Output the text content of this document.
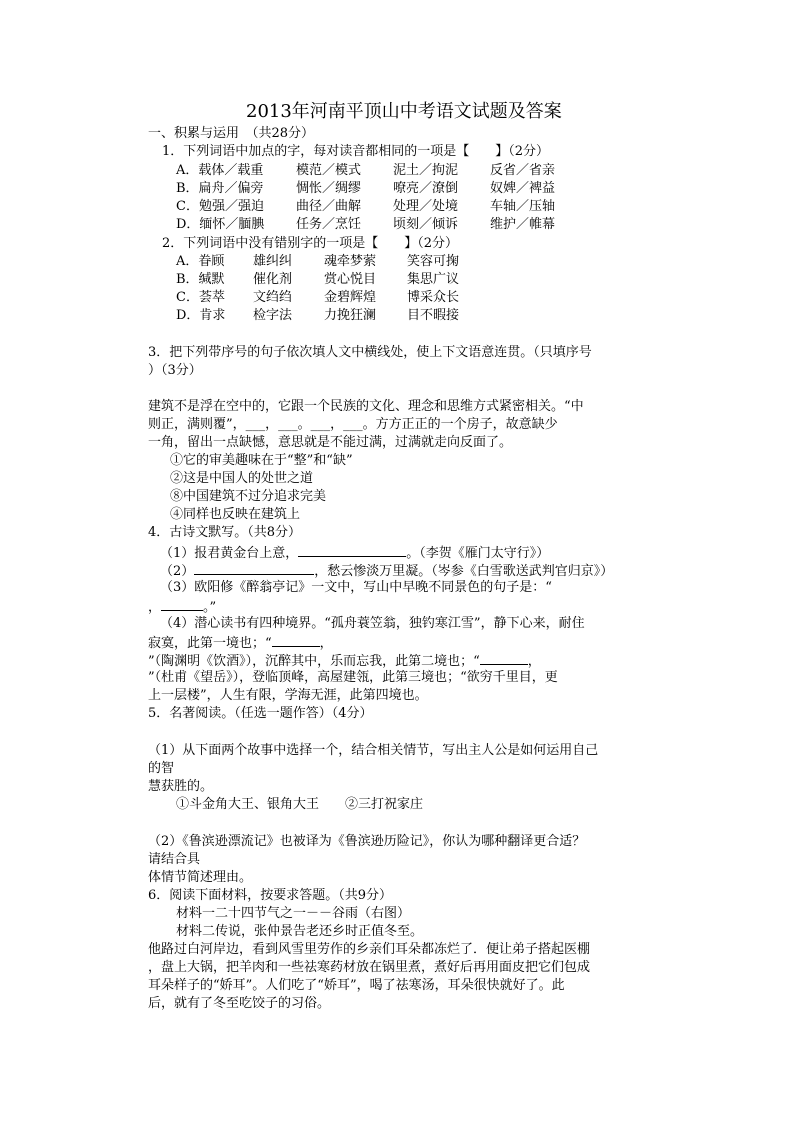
2013年河南平顶山中考语文试题及答案
一、积累与运用　（共28分）
1．下列词语中加点的字，每对读音都相同的一项是【　　】（2分）
A．载体／载重	模范／模式 泥土／拘泥 反省／省亲
B．扁舟／偏旁 惆怅／绸缪 嘹亮／潦倒 奴婢／裨益
C．勉强／强迫 曲径／曲解 处理／处境 车轴／压轴
D．缅怀／腼腆 任务／烹饪 顷刻／倾诉 维护／帷幕
2．下列词语中没有错别字的一项是【　　】（2分）
A．眷顾 雄纠纠 魂牵梦萦 笑容可掬
B．缄默 催化剂 赏心悦目 集思广议
C．荟萃 文绉绉 金碧辉煌 博采众长
D．肯求 检字法 力挽狂澜 目不暇接
3．把下列带序号的句子依次填人文中横线处，使上下文语意连贯。（只填序号
）（3分）
建筑不是浮在空中的，它跟一个民族的文化、理念和思维方式紧密相关。“中
则正，满则覆”，___，___。___，___。方方正正的一个房子，故意缺少
一角，留出一点缺憾，意思就是不能过满，过满就走向反面了。
①它的审美趣味在于“整”和“缺”
②这是中国人的处世之道
⑧中国建筑不过分追求完美
④同样也反映在建筑上
4．古诗文默写。（共8分）
（1）报君黄金台上意，	。（李贺《雁门太守行》）
（2）	，愁云惨淡万里凝。（岑参《白雪歌送武判官归京》）
（3）欧阳修《醉翁亭记》一文中，写山中早晚不同景色的句子是：“
，	。”
（4）潜心读书有四种境界。“孤舟蓑笠翁，独钓寒江雪”，静下心来，耐住
寂寞，此第一境也；“	，
”（陶渊明《饮酒》），沉醉其中，乐而忘我，此第二境也；“	，
”（杜甫《望岳》），登临顶峰，高屋建瓴，此第三境也；“欲穷千里目，更
上一层楼”，人生有限，学海无涯，此第四境也。
5．名著阅读。（任选一题作答）（4分）
（1）从下面两个故事中选择一个，结合相关情节，写出主人公是如何运用自己
的智
慧获胜的。
①斗金角大王、银角大王　　②三打祝家庄
（2）《鲁滨逊漂流记》也被译为《鲁滨逊历险记》，你认为哪种翻译更合适？
请结合具
体情节简述理由。
6．阅读下面材料，按要求答题。（共9分）
材料一二十四节气之一－－谷雨（右图）
材料二传说，张仲景告老还乡时正值冬至。
他路过白河岸边，看到风雪里劳作的乡亲们耳朵都冻烂了．便让弟子搭起医棚
，盘上大锅，把羊肉和一些祛寒药材放在锅里煮，煮好后再用面皮把它们包成
耳朵样子的“娇耳”。人们吃了“娇耳”，喝了祛寒汤，耳朵很快就好了。此
后，就有了冬至吃饺子的习俗。
